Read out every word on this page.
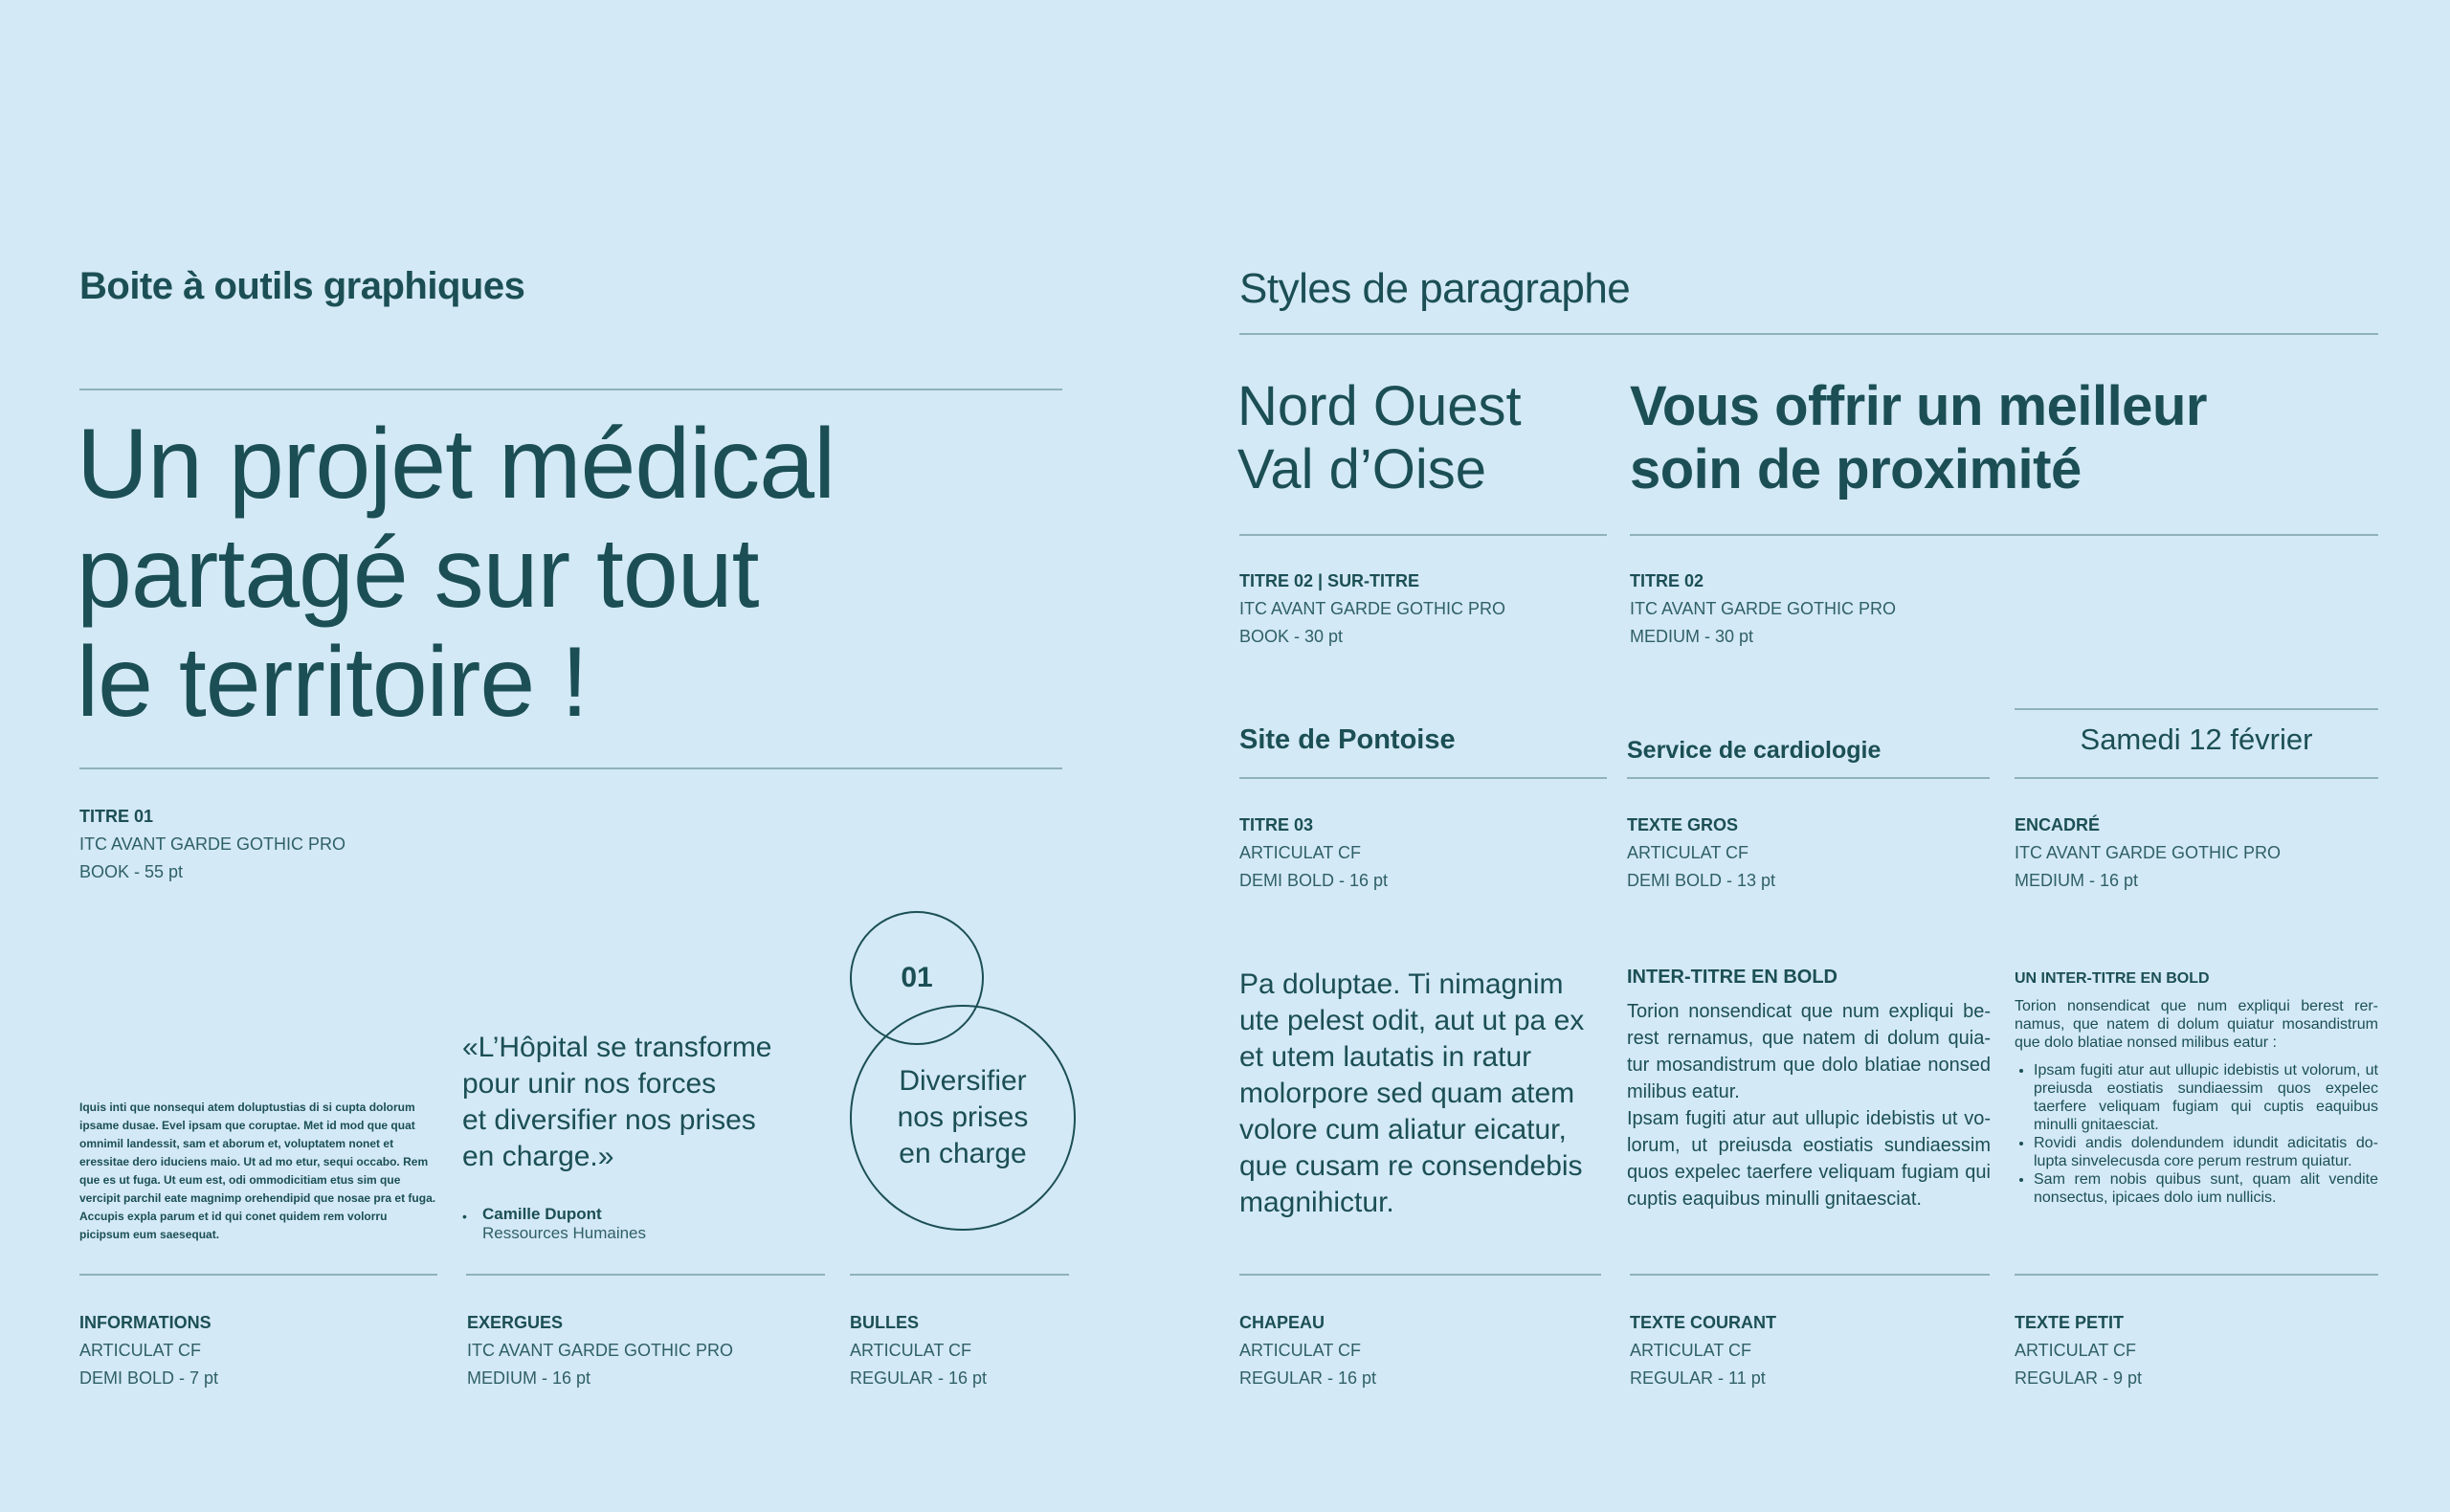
Boite à outils graphiques
Un projet médical
partagé sur tout
le territoire !
TITRE 01
ITC AVANT GARDE GOTHIC PRO
BOOK - 55 pt
Iquis inti que nonsequi atem doluptustias di si cupta dolorum ipsame dusae. Evel ipsam que coruptae. Met id mod que quat omnimil landessit, sam et aborum et, voluptatem nonet et eressitae dero iduciens maio. Ut ad mo etur, sequi occabo. Rem que es ut fuga. Ut eum est, odi ommodicitiam etus sim que vercipit parchil eate magnimp orehendipid que nosae pra et fuga. Accupis expla parum et id qui conet quidem rem volorru picipsum eum saesequat.
«L’Hôpital se transforme
pour unir nos forces
et diversifier nos prises
en charge.»
• Camille Dupont
Ressources Humaines
01
Diversifier
nos prises
en charge
INFORMATIONS
ARTICULAT CF
DEMI BOLD - 7 pt
EXERGUES
ITC AVANT GARDE GOTHIC PRO
MEDIUM - 16 pt
BULLES
ARTICULAT CF
REGULAR - 16 pt
Styles de paragraphe
Nord Ouest
Val d’Oise
Vous offrir un meilleur
soin de proximité
TITRE 02 | SUR-TITRE
ITC AVANT GARDE GOTHIC PRO
BOOK - 30 pt
TITRE 02
ITC AVANT GARDE GOTHIC PRO
MEDIUM - 30 pt
Site de Pontoise	Service de cardiologie	Samedi 12 février
TITRE 03
ARTICULAT CF
DEMI BOLD - 16 pt
TEXTE GROS
ARTICULAT CF
DEMI BOLD - 13 pt
ENCADRÉ
ITC AVANT GARDE GOTHIC PRO
MEDIUM - 16 pt
Pa doluptae. Ti nimagnim ute pelest odit, aut ut pa ex et utem lautatis in ratur molorpore sed quam atem volore cum aliatur eicatur, que cusam re consendebis magnihictur.
INTER-TITRE EN BOLD
Torion nonsendicat que num expliqui be-rest rernamus, que natem di dolum quia-tur mosandistrum que dolo blatiae nonsed milibus eatur.
Ipsam fugiti atur aut ullupic idebistis ut vo-lorum, ut preiusda eostiatis sundiaessim quos expelec taerfere veliquam fugiam qui cuptis eaquibus minulli gnitaesciat.
UN INTER-TITRE EN BOLD
Torion nonsendicat que num expliqui berest rer-namus, que natem di dolum quiatur mosandistrum que dolo blatiae nonsed milibus eatur :
• Ipsam fugiti atur aut ullupic idebistis ut volorum, ut preiusda eostiatis sundiaessim quos expelec taerfere veliquam fugiam qui cuptis eaquibus minulli gnitaesciat.
• Rovidi andis dolendundem idundit adicitatis do-lupta sinvelecusda core perum restrum quiatur.
• Sam rem nobis quibus sunt, quam alit vendite nonsectus, ipicaes dolo ium nullicis.
CHAPEAU
ARTICULAT CF
REGULAR - 16 pt
TEXTE COURANT
ARTICULAT CF
REGULAR - 11 pt
TEXTE PETIT
ARTICULAT CF
REGULAR - 9 pt
